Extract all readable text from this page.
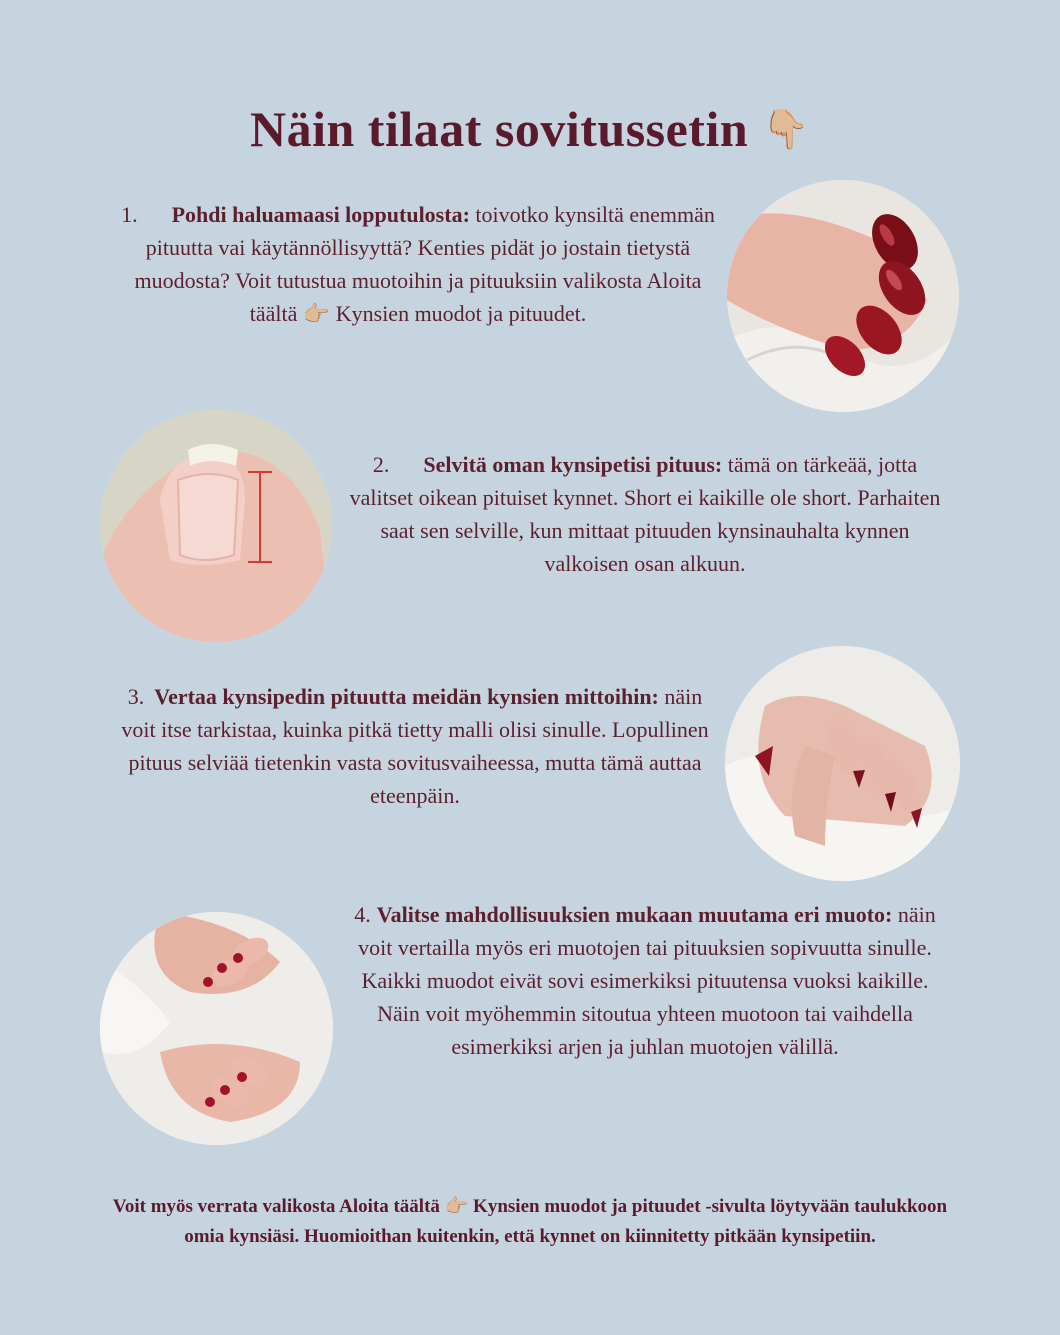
Näin tilaat sovitussetin 👇🏼
1. Pohdi haluamaasi lopputulosta: toivotko kynsiltä enemmän pituutta vai käytännöllisyyttä? Kenties pidät jo jostain tietystä muodosta? Voit tutustua muotoihin ja pituuksiin valikosta Aloita täältä 👉🏼 Kynsien muodot ja pituudet.
2. Selvitä oman kynsipetisi pituus: tämä on tärkeää, jotta valitset oikean pituiset kynnet. Short ei kaikille ole short. Parhaiten saat sen selville, kun mittaat pituuden kynsinauhalta kynnen valkoisen osan alkuun.
3. Vertaa kynsipedin pituutta meidän kynsien mittoihin: näin voit itse tarkistaa, kuinka pitkä tietty malli olisi sinulle. Lopullinen pituus selviää tietenkin vasta sovitusvaiheessa, mutta tämä auttaa eteenpäin.
4. Valitse mahdollisuuksien mukaan muutama eri muoto: näin voit vertailla myös eri muotojen tai pituuksien sopivuutta sinulle. Kaikki muodot eivät sovi esimerkiksi pituutensa vuoksi kaikille. Näin voit myöhemmin sitoutua yhteen muotoon tai vaihdella esimerkiksi arjen ja juhlan muotojen välillä.
Voit myös verrata valikosta Aloita täältä 👉🏼 Kynsien muodot ja pituudet -sivulta löytyvään taulukkoon omia kynsiäsi. Huomioithan kuitenkin, että kynnet on kiinnitetty pitkään kynsipetiin.
